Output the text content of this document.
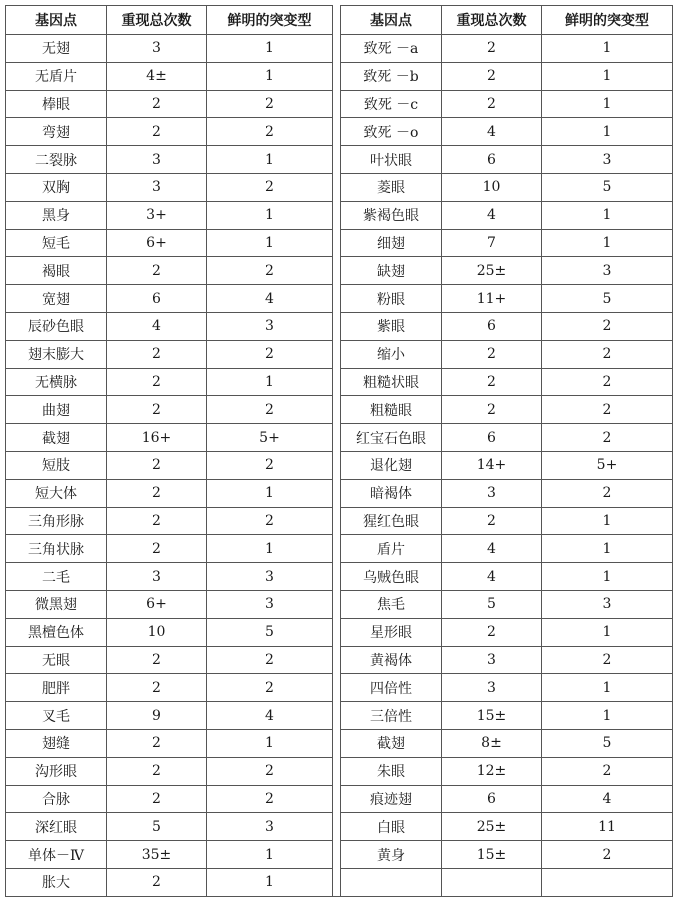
基因点	重现总次数	鲜明的突变型		基因点	重现总次数	鲜明的突变型
无翅	3	1		致死 －a	2	1
无盾片	4±	1		致死 －b	2	1
棒眼	2	2		致死 －c	2	1
弯翅	2	2		致死 －o	4	1
二裂脉	3	1		叶状眼	6	3
双胸	3	2		菱眼	10	5
黑身	3+	1		紫褐色眼	4	1
短毛	6+	1		细翅	7	1
褐眼	2	2		缺翅	25±	3
宽翅	6	4		粉眼	11+	5
辰砂色眼	4	3		紫眼	6	2
翅末膨大	2	2		缩小	2	2
无横脉	2	1		粗糙状眼	2	2
曲翅	2	2		粗糙眼	2	2
截翅	16+	5+		红宝石色眼	6	2
短肢	2	2		退化翅	14+	5+
短大体	2	1		暗褐体	3	2
三角形脉	2	2		猩红色眼	2	1
三角状脉	2	1		盾片	4	1
二毛	3	3		乌贼色眼	4	1
微黑翅	6+	3		焦毛	5	3
黑檀色体	10	5		星形眼	2	1
无眼	2	2		黄褐体	3	2
肥胖	2	2		四倍性	3	1
叉毛	9	4		三倍性	15±	1
翅缝	2	1		截翅	8±	5
沟形眼	2	2		朱眼	12±	2
合脉	2	2		痕迹翅	6	4
深红眼	5	3		白眼	25±	11
单体－Ⅳ	35±	1		黄身	15±	2
胀大	2	1				
